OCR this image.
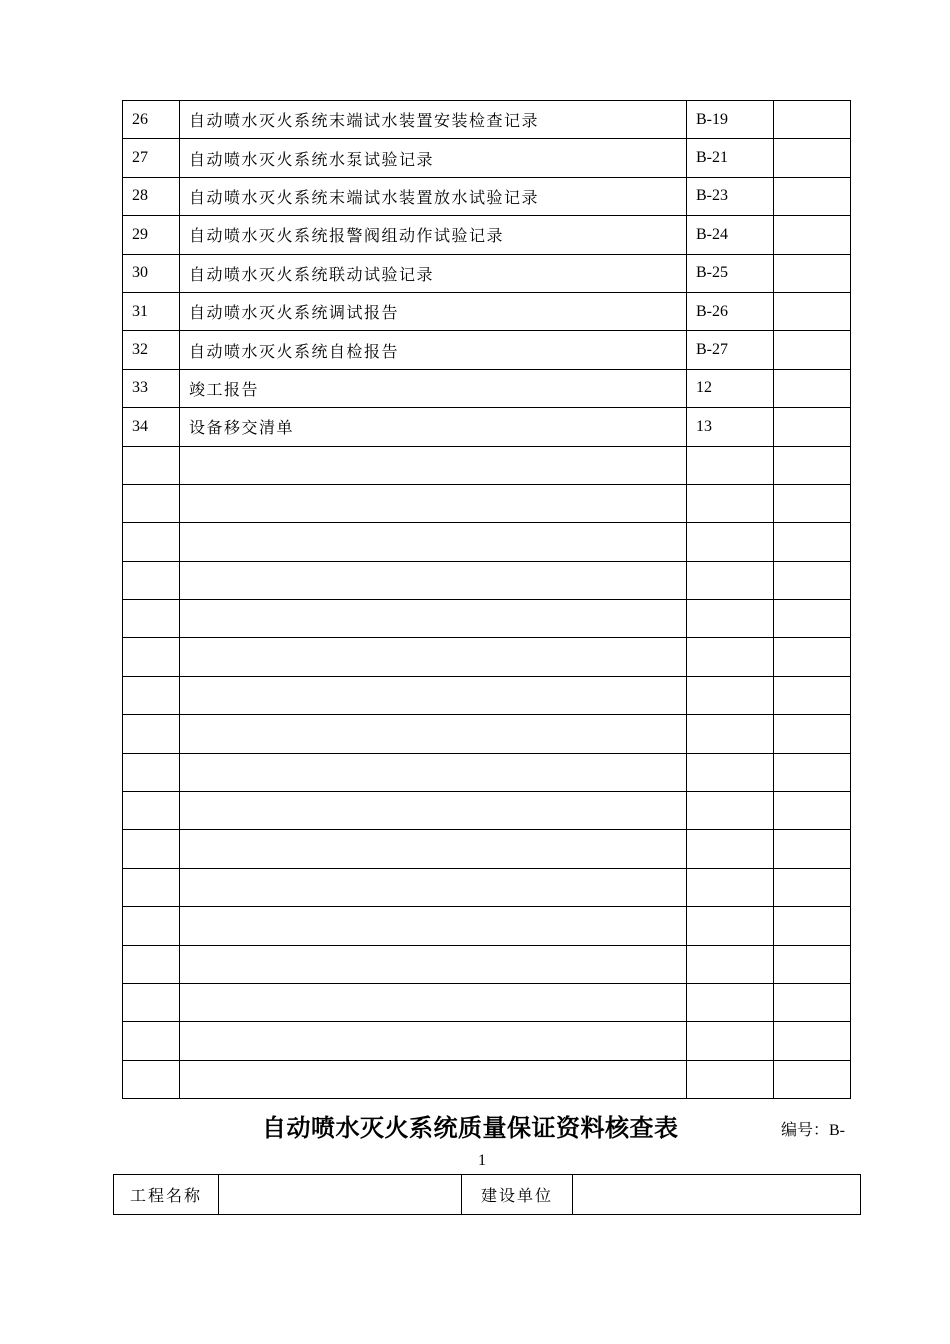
26	自动喷水灭火系统末端试水装置安装检查记录	B-19	
27	自动喷水灭火系统水泵试验记录	B-21	
28	自动喷水灭火系统末端试水装置放水试验记录	B-23	
29	自动喷水灭火系统报警阀组动作试验记录	B-24	
30	自动喷水灭火系统联动试验记录	B-25	
31	自动喷水灭火系统调试报告	B-26	
32	自动喷水灭火系统自检报告	B-27	
33	竣工报告	12	
34	设备移交清单	13	

自动喷水灭火系统质量保证资料核查表	编号：B-
1
工程名称		建设单位	
